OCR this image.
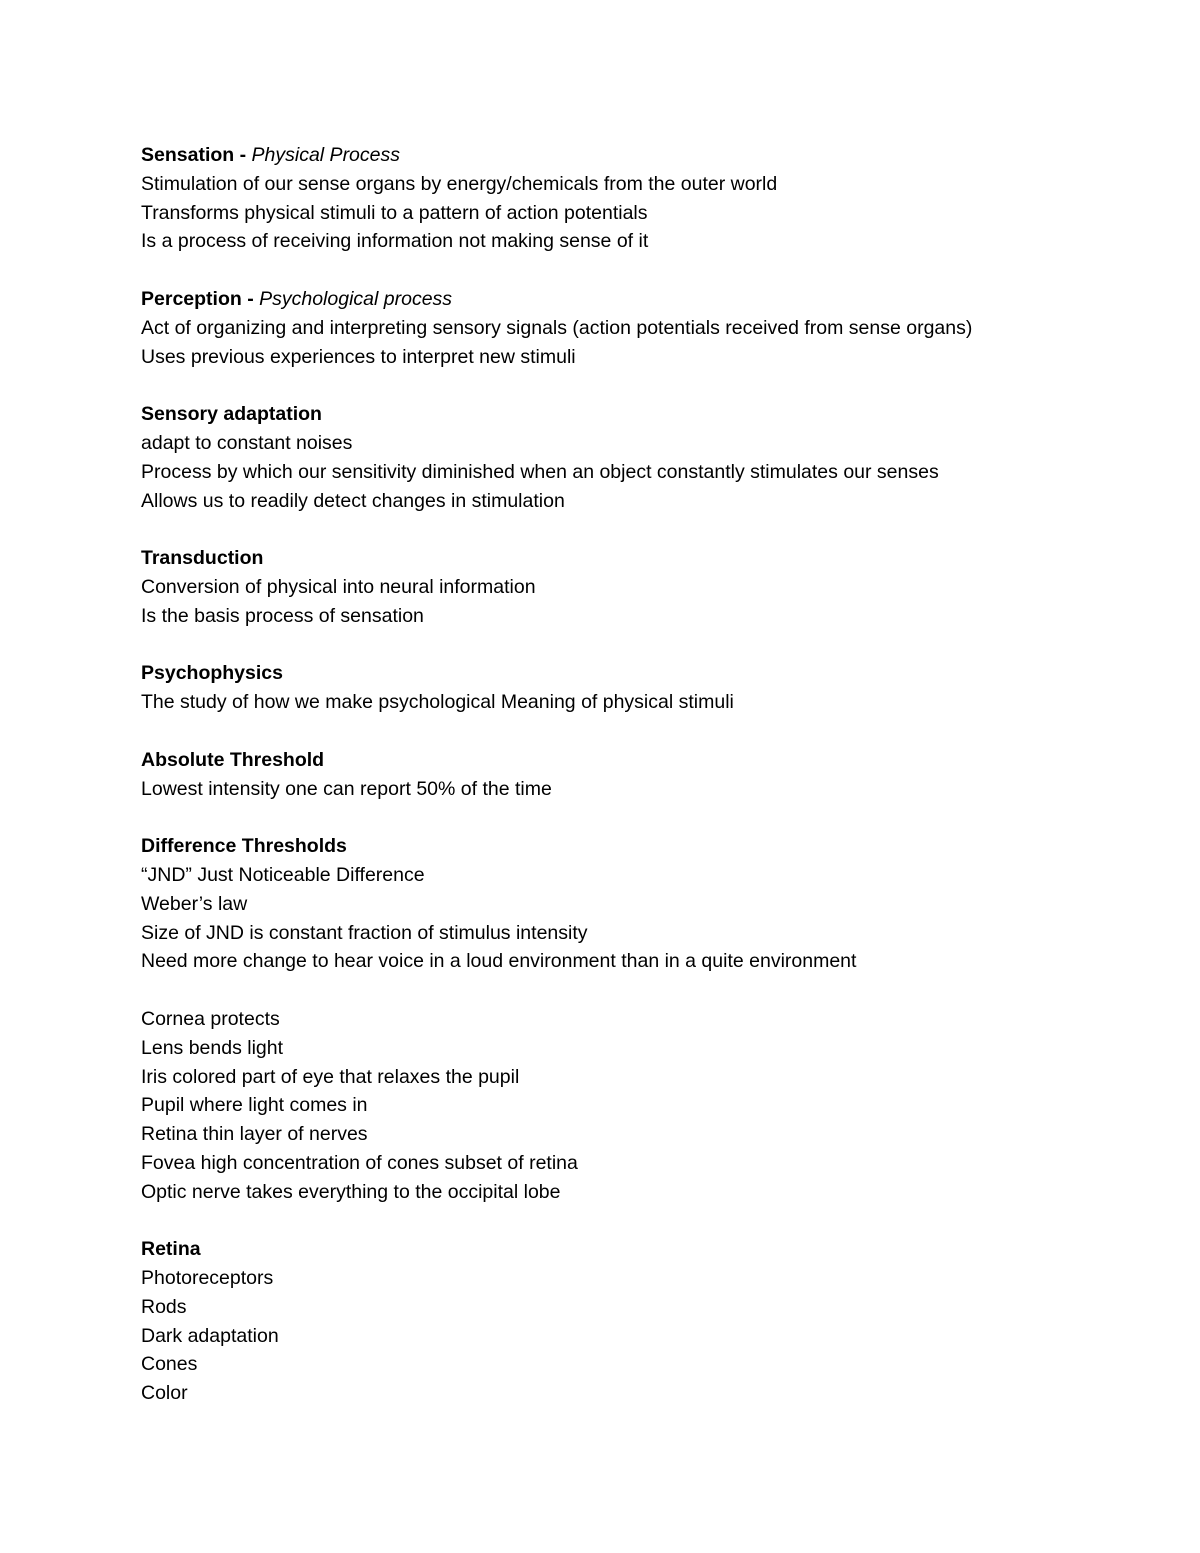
Sensation - Physical Process
Stimulation of our sense organs by energy/chemicals from the outer world
Transforms physical stimuli to a pattern of action potentials
Is a process of receiving information not making sense of it
Perception - Psychological process
Act of organizing and interpreting sensory signals (action potentials received from sense organs)
Uses previous experiences to interpret new stimuli
Sensory adaptation
adapt to constant noises
Process by which our sensitivity diminished when an object constantly stimulates our senses
Allows us to readily detect changes in stimulation
Transduction
Conversion of physical into neural information
Is the basis process of sensation
Psychophysics
The study of how we make psychological Meaning of physical stimuli
Absolute Threshold
Lowest intensity one can report 50% of the time
Difference Thresholds
“JND” Just Noticeable Difference
Weber’s law
Size of JND is constant fraction of stimulus intensity
Need more change to hear voice in a loud environment than in a quite environment
Cornea protects
Lens bends light
Iris colored part of eye that relaxes the pupil
Pupil where light comes in
Retina thin layer of nerves
Fovea high concentration of cones subset of retina
Optic nerve takes everything to the occipital lobe
Retina
Photoreceptors
Rods
Dark adaptation
Cones
Color
